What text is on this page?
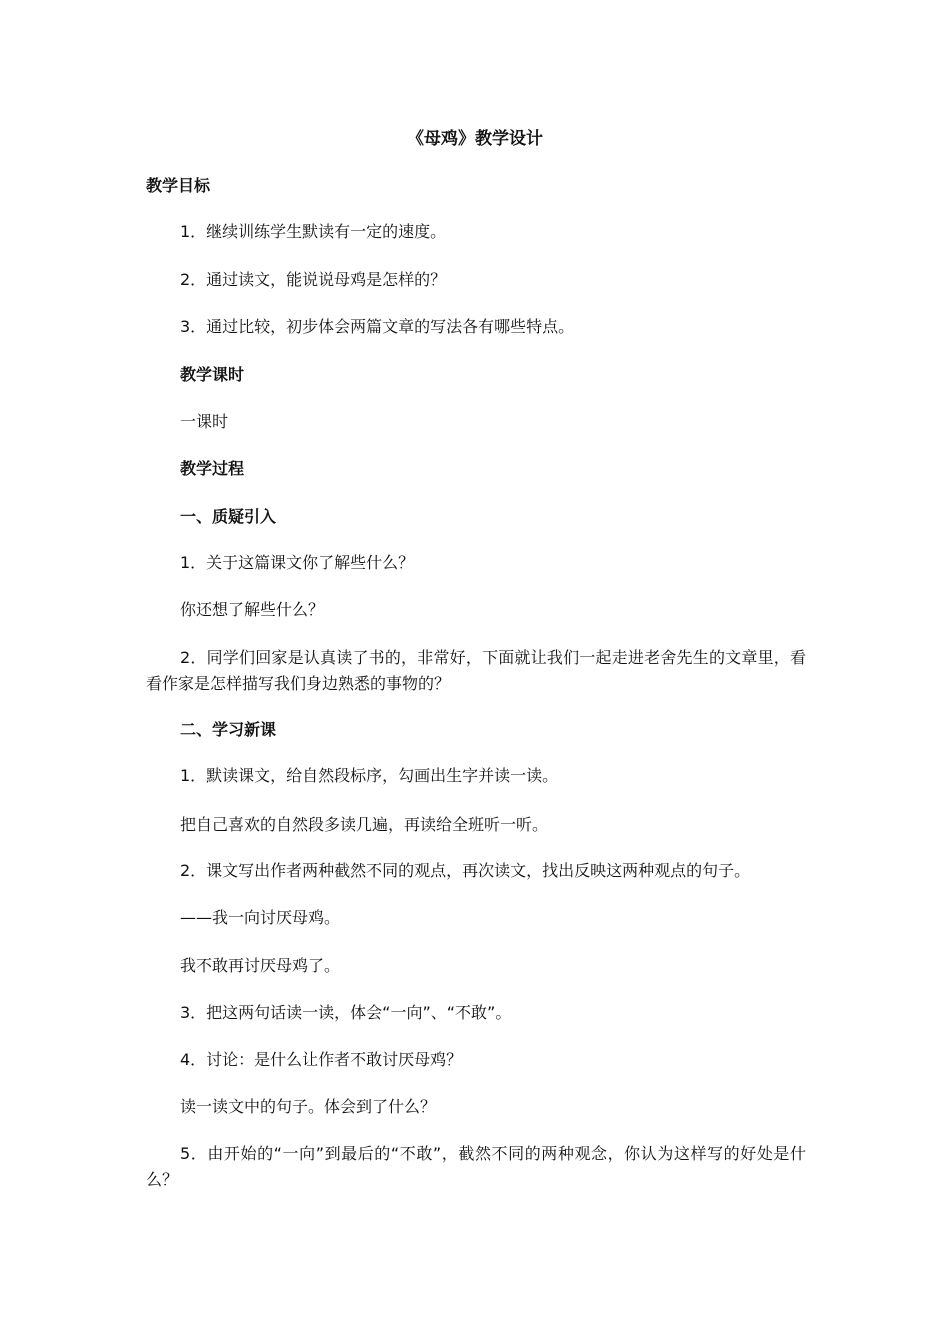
《母鸡》教学设计

教学目标

1．继续训练学生默读有一定的速度。

2．通过读文，能说说母鸡是怎样的？

3．通过比较，初步体会两篇文章的写法各有哪些特点。

教学课时

一课时

教学过程

一、质疑引入

1．关于这篇课文你了解些什么？

你还想了解些什么？

2．同学们回家是认真读了书的，非常好，下面就让我们一起走进老舍先生的文章里，看看作家是怎样描写我们身边熟悉的事物的？

二、学习新课

1．默读课文，给自然段标序，勾画出生字并读一读。

把自己喜欢的自然段多读几遍，再读给全班听一听。

2．课文写出作者两种截然不同的观点，再次读文，找出反映这两种观点的句子。

——我一向讨厌母鸡。

我不敢再讨厌母鸡了。

3．把这两句话读一读，体会“一向”、“不敢”。

4．讨论：是什么让作者不敢讨厌母鸡？

读一读文中的句子。体会到了什么？

5．由开始的“一向”到最后的“不敢”，截然不同的两种观念，你认为这样写的好处是什么？
